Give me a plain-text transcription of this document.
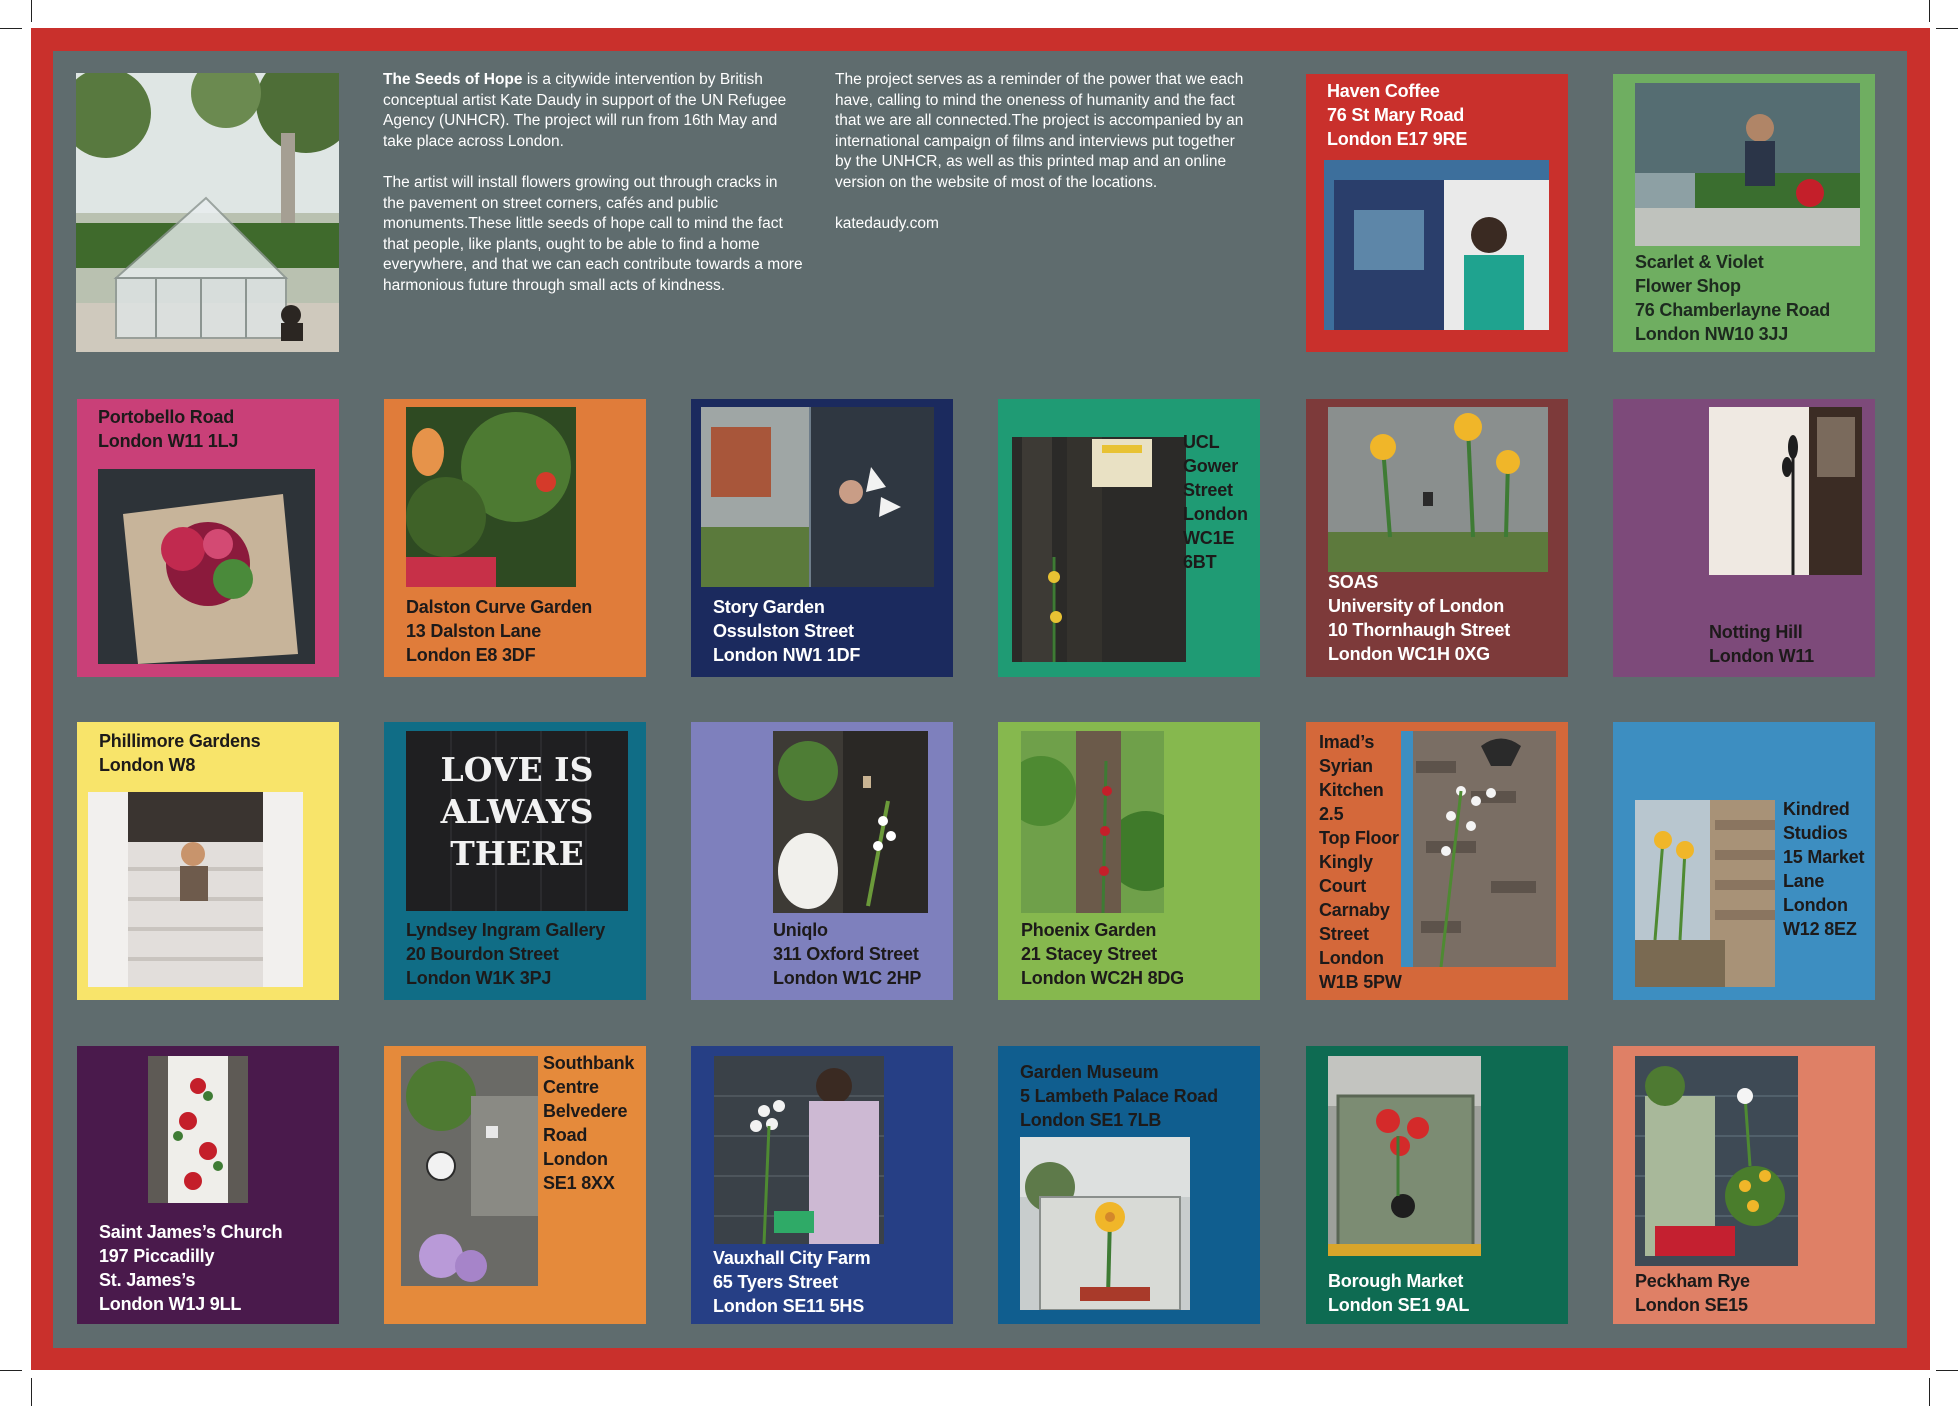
The Seeds of Hope is a citywide intervention by British conceptual artist Kate Daudy in support of the UN Refugee Agency (UNHCR). The project will run from 16th May and take place across London.

The artist will install flowers growing out through cracks in the pavement on street corners, cafés and public monuments.These little seeds of hope call to mind the fact that people, like plants, ought to be able to find a home everywhere, and that we can each contribute towards a more harmonious future through small acts of kindness.

The project serves as a reminder of the power that we each have, calling to mind the oneness of humanity and the fact that we are all connected.The project is accompanied by an international campaign of films and interviews put together by the UNHCR, as well as this printed map and an online version on the website of most of the locations.

katedaudy.com

Haven Coffee
76 St Mary Road
London E17 9RE
Scarlet & Violet
Flower Shop
76 Chamberlayne Road
London NW10 3JJ
Portobello Road
London W11 1LJ
Dalston Curve Garden
13 Dalston Lane
London E8 3DF
Story Garden
Ossulston Street
London NW1 1DF
UCL
Gower
Street
London
WC1E
6BT
SOAS
University of London
10 Thornhaugh Street
London WC1H 0XG
Notting Hill
London W11
Phillimore Gardens
London W8	LOVE IS
ALWAYS
THERE
Lyndsey Ingram Gallery
20 Bourdon Street
London W1K 3PJ
Uniqlo
311 Oxford Street
London W1C 2HP
Phoenix Garden
21 Stacey Street
London WC2H 8DG
Imad’s
Syrian
Kitchen
2.5
Top Floor
Kingly
Court
Carnaby
Street
London
W1B 5PW
Kindred
Studios
15 Market
Lane
London
W12 8EZ
Saint James’s Church
197 Piccadilly
St. James’s
London W1J 9LL
Southbank
Centre
Belvedere
Road
London
SE1 8XX
Vauxhall City Farm
65 Tyers Street
London SE11 5HS
Garden Museum
5 Lambeth Palace Road
London SE1 7LB
Borough Market
London SE1 9AL
Peckham Rye
London SE15
